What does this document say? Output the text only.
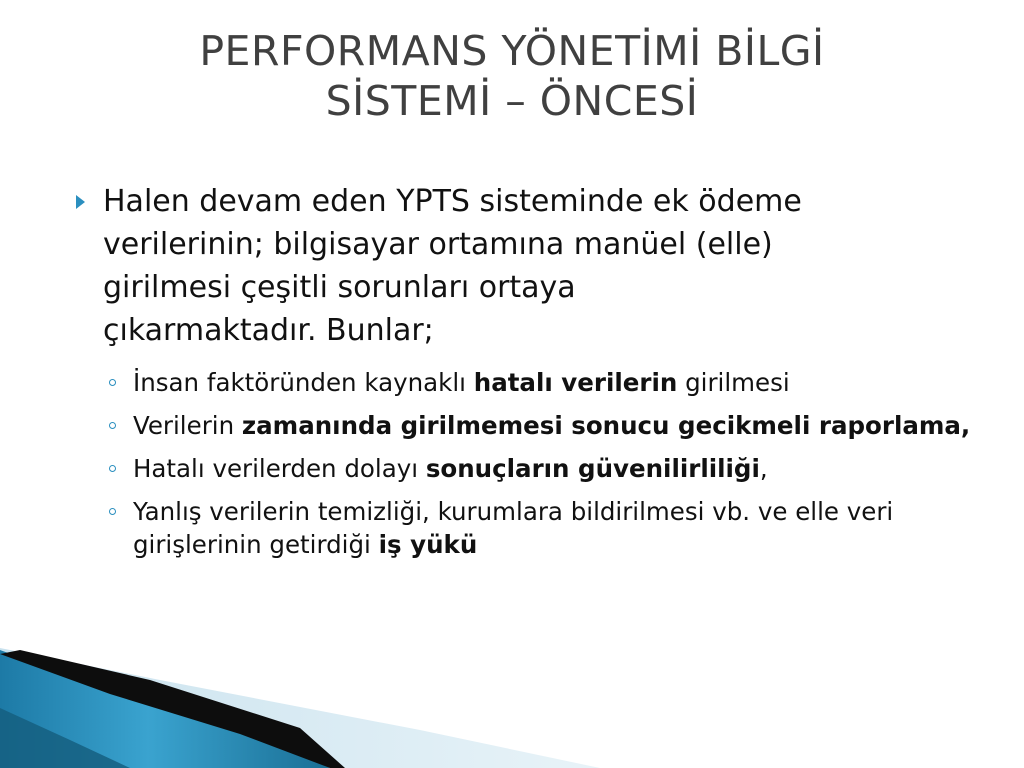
PERFORMANS YÖNETİMİ BİLGİ
SİSTEMİ – ÖNCESİ
Halen devam eden YPTS sisteminde ek ödeme
verilerinin; bilgisayar ortamına manüel (elle)
girilmesi çeşitli sorunları ortaya
çıkarmaktadır. Bunlar;
İnsan faktöründen kaynaklı hatalı verilerin girilmesi
Verilerin zamanında girilmemesi sonucu gecikmeli raporlama,
Hatalı verilerden dolayı sonuçların güvenilirliliği,
Yanlış verilerin temizliği, kurumlara bildirilmesi vb. ve elle veri girişlerinin getirdiği iş yükü
